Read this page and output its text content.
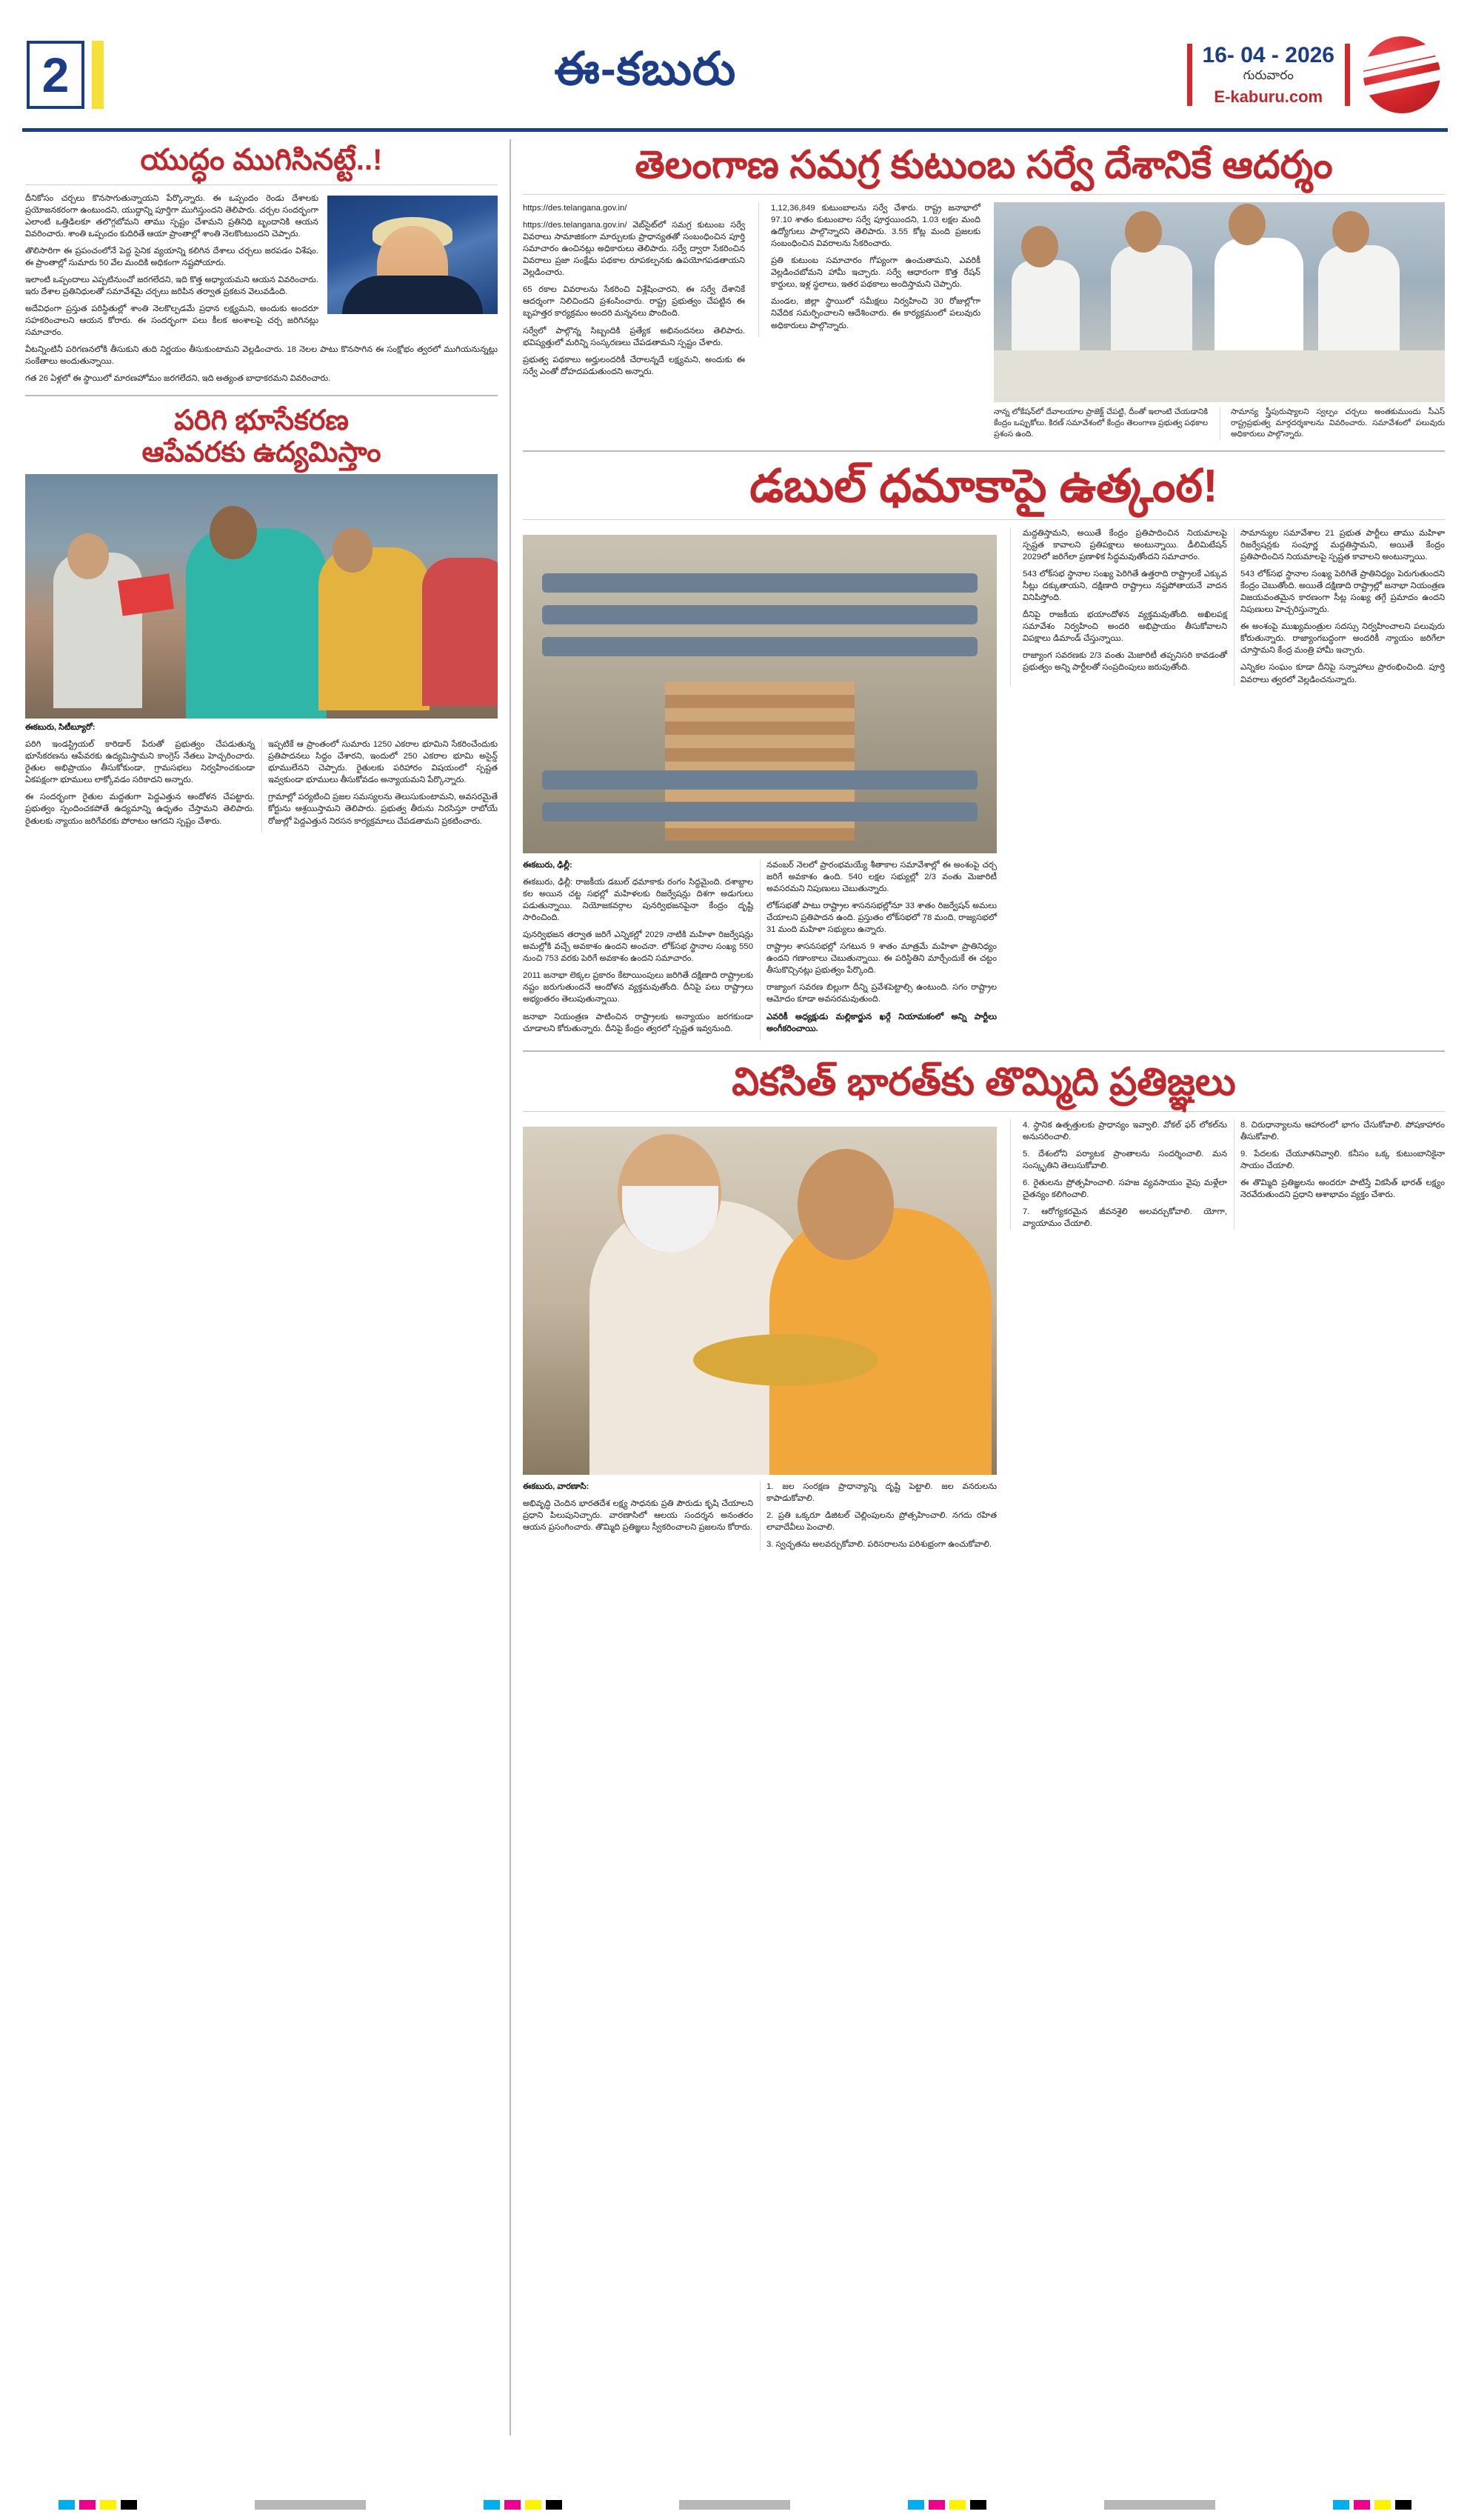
2	ఈ-కబురు	16- 04 - 2026
గురువారం
E-kaburu.com
యుద్ధం ముగిసినట్టే..!

దీనికోసం చర్చలు కొనసాగుతున్నాయని పేర్కొన్నారు. ఈ ఒప్పందం రెండు దేశాలకు ప్రయోజనకరంగా ఉంటుందని, యుద్ధాన్ని పూర్తిగా ముగిస్తుందని తెలిపారు. చర్చల సందర్భంగా ఎలాంటి ఒత్తిడిలకూ తలొగ్గబోమని తాము స్పష్టం చేశామని ప్రతినిధి బృందానికి ఆయన వివరించారు. శాంతి ఒప్పందం కుదిరితే ఆయా ప్రాంతాల్లో శాంతి నెలకొంటుందని చెప్పారు.

తొలిసారిగా ఈ ప్రపంచంలోనే పెద్ద సైనిక వ్యయాన్ని కలిగిన దేశాలు చర్చలు జరపడం విశేషం. ఈ ప్రాంతాల్లో సుమారు 50 వేల మందికి అధికంగా నష్టపోయారు.

ఇలాంటి ఒప్పందాలు ఎప్పటినుంచో జరగలేదని, ఇది కొత్త అధ్యాయమని ఆయన వివరించారు. ఇరు దేశాల ప్రతినిధులతో సమావేశమై చర్చలు జరిపిన తర్వాత ప్రకటన వెలువడింది.

అదేవిధంగా ప్రస్తుత పరిస్థితుల్లో శాంతి నెలకొల్పడమే ప్రధాన లక్ష్యమని, అందుకు అందరూ సహకరించాలని ఆయన కోరారు. ఈ సందర్భంగా పలు కీలక అంశాలపై చర్చ జరిగినట్లు సమాచారం.

వీటన్నింటినీ పరిగణనలోకి తీసుకుని తుది నిర్ణయం తీసుకుంటామని వెల్లడించారు. 18 నెలల పాటు కొనసాగిన ఈ సంక్షోభం త్వరలో ముగియనున్నట్లు సంకేతాలు అందుతున్నాయి.

గత 26 ఏళ్లలో ఈ స్థాయిలో మారణహోమం జరగలేదని, ఇది అత్యంత బాధాకరమని వివరించారు.

పరిగి భూసేకరణ
ఆపేవరకు ఉద్యమిస్తాం
ఈకబురు, సిటీబ్యూరో:

పరిగి ఇండస్ట్రియల్ కారిడార్ పేరుతో ప్రభుత్వం చేపడుతున్న భూసేకరణను ఆపేవరకు ఉద్యమిస్తామని కాంగ్రెస్ నేతలు హెచ్చరించారు. రైతుల అభిప్రాయం తీసుకోకుండా, గ్రామసభలు నిర్వహించకుండా ఏకపక్షంగా భూములు లాక్కోవడం సరికాదని అన్నారు.

ఈ సందర్భంగా రైతుల మద్దతుగా పెద్దఎత్తున ఆందోళన చేపట్టారు. ప్రభుత్వం స్పందించకపోతే ఉద్యమాన్ని ఉధృతం చేస్తామని తెలిపారు. రైతులకు న్యాయం జరిగేవరకు పోరాటం ఆగదని స్పష్టం చేశారు.

ఇప్పటికే ఆ ప్రాంతంలో సుమారు 1250 ఎకరాల భూమిని సేకరించేందుకు ప్రతిపాదనలు సిద్ధం చేశారని, ఇందులో 250 ఎకరాల భూమి అసైన్డ్ భూములేనని చెప్పారు. రైతులకు పరిహారం విషయంలో స్పష్టత ఇవ్వకుండా భూములు తీసుకోవడం అన్యాయమని పేర్కొన్నారు.

గ్రామాల్లో పర్యటించి ప్రజల సమస్యలను తెలుసుకుంటామని, అవసరమైతే కోర్టును ఆశ్రయిస్తామని తెలిపారు. ప్రభుత్వ తీరును నిరసిస్తూ రాబోయే రోజుల్లో పెద్దఎత్తున నిరసన కార్యక్రమాలు చేపడతామని ప్రకటించారు.

తెలంగాణ సమగ్ర కుటుంబ సర్వే దేశానికే ఆదర్శం

https://des.telangana.gov.in/

https://des.telangana.gov.in/ వెబ్‌సైట్‌లో సమగ్ర కుటుంబ సర్వే వివరాలు సామాజికంగా మార్పులకు ప్రాధాన్యతతో సంబంధించిన పూర్తి సమాచారం ఉంచినట్లు అధికారులు తెలిపారు. సర్వే ద్వారా సేకరించిన వివరాలు ప్రజా సంక్షేమ పథకాల రూపకల్పనకు ఉపయోగపడతాయని వెల్లడించారు.

65 రకాల వివరాలను సేకరించి విశ్లేషించారని, ఈ సర్వే దేశానికే ఆదర్శంగా నిలిచిందని ప్రశంసించారు. రాష్ట్ర ప్రభుత్వం చేపట్టిన ఈ బృహత్తర కార్యక్రమం అందరి మన్ననలు పొందింది.

సర్వేలో పాల్గొన్న సిబ్బందికి ప్రత్యేక అభినందనలు తెలిపారు. భవిష్యత్తులో మరిన్ని సంస్కరణలు చేపడతామని స్పష్టం చేశారు.

ప్రభుత్వ పథకాలు అర్హులందరికీ చేరాలన్నదే లక్ష్యమని, అందుకు ఈ సర్వే ఎంతో దోహదపడుతుందని అన్నారు.

1,12,36,849 కుటుంబాలను సర్వే చేశారు. రాష్ట్ర జనాభాలో 97.10 శాతం కుటుంబాల సర్వే పూర్తయిందని, 1.03 లక్షల మంది ఉద్యోగులు పాల్గొన్నారని తెలిపారు. 3.55 కోట్ల మంది ప్రజలకు సంబంధించిన వివరాలను సేకరించారు.

ప్రతి కుటుంబ సమాచారం గోప్యంగా ఉంచుతామని, ఎవరికీ వెల్లడించబోమని హామీ ఇచ్చారు. సర్వే ఆధారంగా కొత్త రేషన్ కార్డులు, ఇళ్ల స్థలాలు, ఇతర పథకాలు అందిస్తామని చెప్పారు.

మండల, జిల్లా స్థాయిలో సమీక్షలు నిర్వహించి 30 రోజుల్లోగా నివేదిక సమర్పించాలని ఆదేశించారు. ఈ కార్యక్రమంలో పలువురు అధికారులు పాల్గొన్నారు.

నాన్న లోకేషన్‌లో దేవాలయాల ప్రాజెక్ట్ చేపట్టి, దీంతో ఇలాంటి చేయడానికి కేంద్రం ఒప్పుకోలు. కిరణ్‌ సమావేశంలో కేంద్రం తెలంగాణ ప్రభుత్వ పథకాల ప్రశంస ఉంది.
సామాన్య స్త్రీపురుష్యాలని స్వల్పం చర్చలు అంతకుముందు సీఎస్ రాష్ట్రప్రభుత్వ మార్గదర్శకాలను వివరించారు. సమావేశంలో పలువురు అధికారులు పాల్గొన్నారు.
డబుల్ ధమాకాపై ఉత్కంఠ!

ఈకబురు, ఢిల్లీ:

ఈకబురు, ఢిల్లీ: రాజకీయ డబుల్ ధమాకాకు రంగం సిద్ధమైంది. దశాబ్దాల కల అయిన చట్ట సభల్లో మహిళలకు రిజర్వేషన్లు దిశగా అడుగులు పడుతున్నాయి. నియోజకవర్గాల పునర్విభజనపైనా కేంద్రం దృష్టి సారించింది.

పునర్విభజన తర్వాత జరిగే ఎన్నికల్లో 2029 నాటికి మహిళా రిజర్వేషన్లు అమల్లోకి వచ్చే అవకాశం ఉందని అంచనా. లోక్‌సభ స్థానాల సంఖ్య 550 నుంచి 753 వరకు పెరిగే అవకాశం ఉందని సమాచారం.

2011 జనాభా లెక్కల ప్రకారం కేటాయింపులు జరిగితే దక్షిణాది రాష్ట్రాలకు నష్టం జరుగుతుందనే ఆందోళన వ్యక్తమవుతోంది. దీనిపై పలు రాష్ట్రాలు అభ్యంతరం తెలుపుతున్నాయి.

జనాభా నియంత్రణ పాటించిన రాష్ట్రాలకు అన్యాయం జరగకుండా చూడాలని కోరుతున్నారు. దీనిపై కేంద్రం త్వరలో స్పష్టత ఇవ్వనుంది.

నవంబర్ నెలలో ప్రారంభమయ్యే శీతాకాల సమావేశాల్లో ఈ అంశంపై చర్చ జరిగే అవకాశం ఉంది. 540 లక్షల సభ్యుల్లో 2/3 వంతు మెజారిటీ అవసరమని నిపుణులు చెబుతున్నారు.

లోక్‌సభతో పాటు రాష్ట్రాల శాసనసభల్లోనూ 33 శాతం రిజర్వేషన్ అమలు చేయాలని ప్రతిపాదన ఉంది. ప్రస్తుతం లోక్‌సభలో 78 మంది, రాజ్యసభలో 31 మంది మహిళా సభ్యులు ఉన్నారు.

రాష్ట్రాల శాసనసభల్లో సగటున 9 శాతం మాత్రమే మహిళా ప్రాతినిధ్యం ఉందని గణాంకాలు చెబుతున్నాయి. ఈ పరిస్థితిని మార్చేందుకే ఈ చట్టం తీసుకొచ్చినట్లు ప్రభుత్వం పేర్కొంది.

రాజ్యాంగ సవరణ బిల్లుగా దీన్ని ప్రవేశపెట్టాల్సి ఉంటుంది. సగం రాష్ట్రాల ఆమోదం కూడా అవసరమవుతుంది.

ఎవరికీ అధ్యక్షుడు మల్లికార్జున ఖర్గే నియామకంలో అన్ని పార్టీలు అంగీకరించాయి.

మద్దతిస్తామని, అయితే కేంద్రం ప్రతిపాదించిన నియమాలపై స్పష్టత కావాలని ప్రతిపక్షాలు అంటున్నాయి. డీలిమిటేషన్ 2029లో జరిగేలా ప్రణాళిక సిద్ధమవుతోందని సమాచారం.

543 లోక్‌సభ స్థానాల సంఖ్య పెరిగితే ఉత్తరాది రాష్ట్రాలకే ఎక్కువ సీట్లు దక్కుతాయని, దక్షిణాది రాష్ట్రాలు నష్టపోతాయనే వాదన వినిపిస్తోంది.

దీనిపై రాజకీయ భయాందోళన వ్యక్తమవుతోంది. అఖిలపక్ష సమావేశం నిర్వహించి అందరి అభిప్రాయం తీసుకోవాలని విపక్షాలు డిమాండ్ చేస్తున్నాయి.

రాజ్యాంగ సవరణకు 2/3 వంతు మెజారిటీ తప్పనిసరి కావడంతో ప్రభుత్వం అన్ని పార్టీలతో సంప్రదింపులు జరుపుతోంది.

సామాన్యుల సమావేశాల 21 ప్రభుత పార్టీలు తాము మహిళా రిజర్వేషన్లకు సంపూర్ణ మద్దతిస్తామని, అయితే కేంద్రం ప్రతిపాదించిన నియమాలపై స్పష్టత కావాలని అంటున్నాయి.

543 లోక్‌సభ స్థానాల సంఖ్య పెరిగితే ప్రాతినిధ్యం పెరుగుతుందని కేంద్రం చెబుతోంది. అయితే దక్షిణాది రాష్ట్రాల్లో జనాభా నియంత్రణ విజయవంతమైన కారణంగా సీట్ల సంఖ్య తగ్గే ప్రమాదం ఉందని నిపుణులు హెచ్చరిస్తున్నారు.

ఈ అంశంపై ముఖ్యమంత్రుల సదస్సు నిర్వహించాలని పలువురు కోరుతున్నారు. రాజ్యాంగబద్ధంగా అందరికీ న్యాయం జరిగేలా చూస్తామని కేంద్ర మంత్రి హామీ ఇచ్చారు.

ఎన్నికల సంఘం కూడా దీనిపై సన్నాహాలు ప్రారంభించింది. పూర్తి వివరాలు త్వరలో వెల్లడించనున్నారు.

వికసిత్ భారత్‌కు తొమ్మిది ప్రతిజ్ఞలు

ఈకబురు, వారణాసి:

అభివృద్ధి చెందిన భారతదేశ లక్ష్య సాధనకు ప్రతి పౌరుడు కృషి చేయాలని ప్రధాని పిలుపునిచ్చారు. వారణాసిలో ఆలయ సందర్శన అనంతరం ఆయన ప్రసంగించారు. తొమ్మిది ప్రతిజ్ఞలు స్వీకరించాలని ప్రజలను కోరారు.

1. జల సంరక్షణ ప్రాధాన్యాన్ని దృష్టి పెట్టాలి. జల వనరులను కాపాడుకోవాలి.

2. ప్రతి ఒక్కరూ డిజిటల్ చెల్లింపులను ప్రోత్సహించాలి. నగదు రహిత లావాదేవీలు పెంచాలి.

3. స్వచ్ఛతను అలవర్చుకోవాలి. పరిసరాలను పరిశుభ్రంగా ఉంచుకోవాలి.

4. స్థానిక ఉత్పత్తులకు ప్రాధాన్యం ఇవ్వాలి. వోకల్ ఫర్ లోకల్‌ను అనుసరించాలి.

5. దేశంలోని పర్యాటక ప్రాంతాలను సందర్శించాలి. మన సంస్కృతిని తెలుసుకోవాలి.

6. రైతులను ప్రోత్సహించాలి. సహజ వ్యవసాయం వైపు మళ్లేలా చైతన్యం కలిగించాలి.

7. ఆరోగ్యకరమైన జీవనశైలి అలవర్చుకోవాలి. యోగా, వ్యాయామం చేయాలి.

8. చిరుధాన్యాలను ఆహారంలో భాగం చేసుకోవాలి. పోషకాహారం తీసుకోవాలి.

9. పేదలకు చేయూతనివ్వాలి. కనీసం ఒక్క కుటుంబానికైనా సాయం చేయాలి.

ఈ తొమ్మిది ప్రతిజ్ఞలను అందరూ పాటిస్తే వికసిత్ భారత్ లక్ష్యం నెరవేరుతుందని ప్రధాని ఆశాభావం వ్యక్తం చేశారు.
